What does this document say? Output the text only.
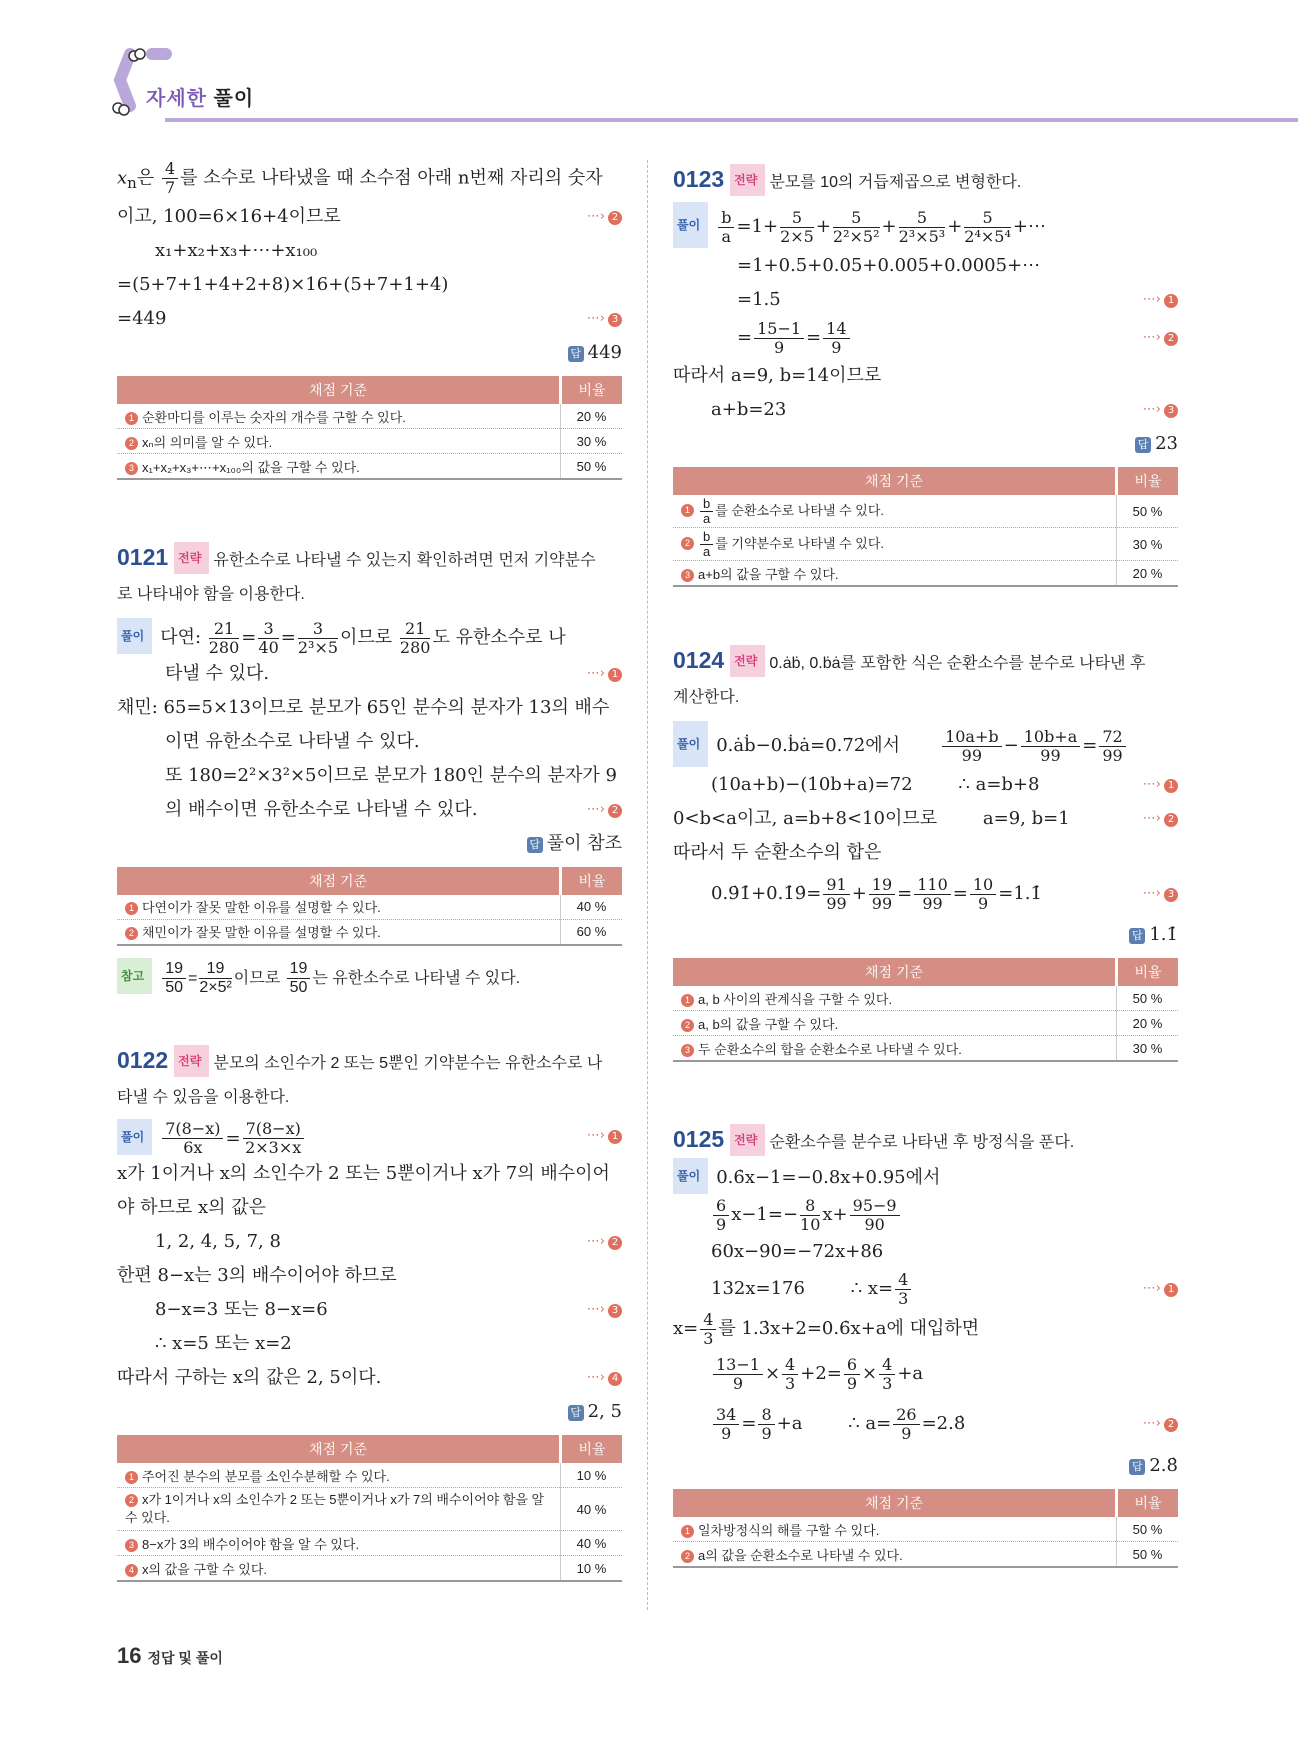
자세한 풀이
$x_n$은 $\frac{4}{7}$ 를 소수로 나타냈을 때 소수점 아래 n번째 자리의 숫자
이고, 100=6×16+4이므로	⋯› 2
x₁+x₂+x₃+⋯+x₁₀₀
=(5+7+1+4+2+8)×16+(5+7+1+4)
=449	⋯› 3
답 449
채점 기준	비율
1 순환마디를 이루는 숫자의 개수를 구할 수 있다.	20 %
2 xₙ의 의미를 알 수 있다.	30 %
3 x₁+x₂+x₃+⋯+x₁₀₀의 값을 구할 수 있다.	50 %
0121 전략 유한소수로 나타낼 수 있는지 확인하려면 먼저 기약분수
로 나타내야 함을 이용한다.
풀이 다연: $\frac{21}{280} = \frac{3}{40} = \frac{3}{\text{2³×5}}$ 이므로 $\frac{21}{280}$ 도 유한소수로 나
타낼 수 있다.	⋯› 1
채민: 65=5×13이므로 분모가 65인 분수의 분자가 13의 배수
이면 유한소수로 나타낼 수 있다.
또 180=2²×3²×5이므로 분모가 180인 분수의 분자가 9
의 배수이면 유한소수로 나타낼 수 있다.	⋯› 2
답 풀이 참조
채점 기준	비율
1 다연이가 잘못 말한 이유를 설명할 수 있다.	40 %
2 채민이가 잘못 말한 이유를 설명할 수 있다.	60 %
참고 $\frac{19}{50} = \frac{19}{\text{2×5²}}$ 이므로 $\frac{19}{50}$ 는 유한소수로 나타낼 수 있다.
0122 전략 분모의 소인수가 2 또는 5뿐인 기약분수는 유한소수로 나
타낼 수 있음을 이용한다.
풀이 $\frac{7(8-x)}{6x} = \frac{7(8-x)}{2\times 3\times x}$	⋯› 1
x가 1이거나 x의 소인수가 2 또는 5뿐이거나 x가 7의 배수이어
야 하므로 x의 값은
1, 2, 4, 5, 7, 8	⋯› 2
한편 8−x는 3의 배수이어야 하므로
8−x=3 또는 8−x=6	⋯› 3
∴ x=5 또는 x=2
따라서 구하는 x의 값은 2, 5이다.	⋯› 4
답 2, 5
채점 기준	비율
1 주어진 분수의 분모를 소인수분해할 수 있다.	10 %
2 x가 1이거나 x의 소인수가 2 또는 5뿐이거나 x가 7의 배수이어야 함을 알 수 있다.	40 %
3 8−x가 3의 배수이어야 함을 알 수 있다.	40 %
4 x의 값을 구할 수 있다.	10 %
0123 전략 분모를 10의 거듭제곱으로 변형한다.
풀이 $\frac{b}{a} =1+ \frac{5}{2\times 5} + \frac{5}{\text{2²×5²}} + \frac{5}{\text{2³×5³}} + \frac{5}{\text{2⁴×5⁴}}$ +⋯
=1+0.5+0.05+0.005+0.0005+⋯
=1.5̇	⋯› 1
= $\frac{15-1}{9} = \frac{14}{9}$	⋯› 2
따라서 a=9, b=14이므로
a+b=23	⋯› 3
답 23
채점 기준	비율
$1 \frac{b}{a}$ 를 순환소수로 나타낼 수 있다.	50 %
$2 \frac{b}{a}$ 를 기약분수로 나타낼 수 있다.	30 %
3 a+b의 값을 구할 수 있다.	20 %
0124 전략 0.ȧḃ, 0.ḃȧ를 포함한 식은 순환소수를 분수로 나타낸 후
계산한다.
풀이 0.ȧḃ−0.ḃȧ=0.7̇2̇에서	$\frac{10a+b}{99} - \frac{10b+a}{99} = \frac{72}{99}$
(10a+b)−(10b+a)=72        ∴ a=b+8	⋯› 1
0<b<a이고, a=b+8<10이므로        a=9, b=1	⋯› 2
따라서 두 순환소수의 합은
0.9̇1̇+0.1̇9̇= $\frac{91}{99} + \frac{19}{99} = \frac{110}{99} = \frac{10}{9}$ =1.1̇	⋯› 3
답 1.1̇
채점 기준	비율
1 a, b 사이의 관계식을 구할 수 있다.	50 %
2 a, b의 값을 구할 수 있다.	20 %
3 두 순환소수의 합을 순환소수로 나타낼 수 있다.	30 %
0125 전략 순환소수를 분수로 나타낸 후 방정식을 푼다.
풀이 0.6̇x−1=−0.8x+0.95̇에서
$\frac{6}{9} x-1=- \frac{8}{10} x+ \frac{95-9}{90}$
60x−90=−72x+86
132x=176        ∴ $x= \frac{4}{3}$	⋯› 1
$x= \frac{4}{3}$ 를 1.3̇x+2=0.6̇x+a에 대입하면
$\frac{13-1}{9} \times \frac{4}{3} +2= \frac{6}{9} \times \frac{4}{3} +a$
$\frac{34}{9} = \frac{8}{9} +a$        ∴ $a= \frac{26}{9}$ =2.8̇	⋯› 2
답 2.8̇
채점 기준	비율
1 일차방정식의 해를 구할 수 있다.	50 %
2 a의 값을 순환소수로 나타낼 수 있다.	50 %
16 정답 및 풀이
